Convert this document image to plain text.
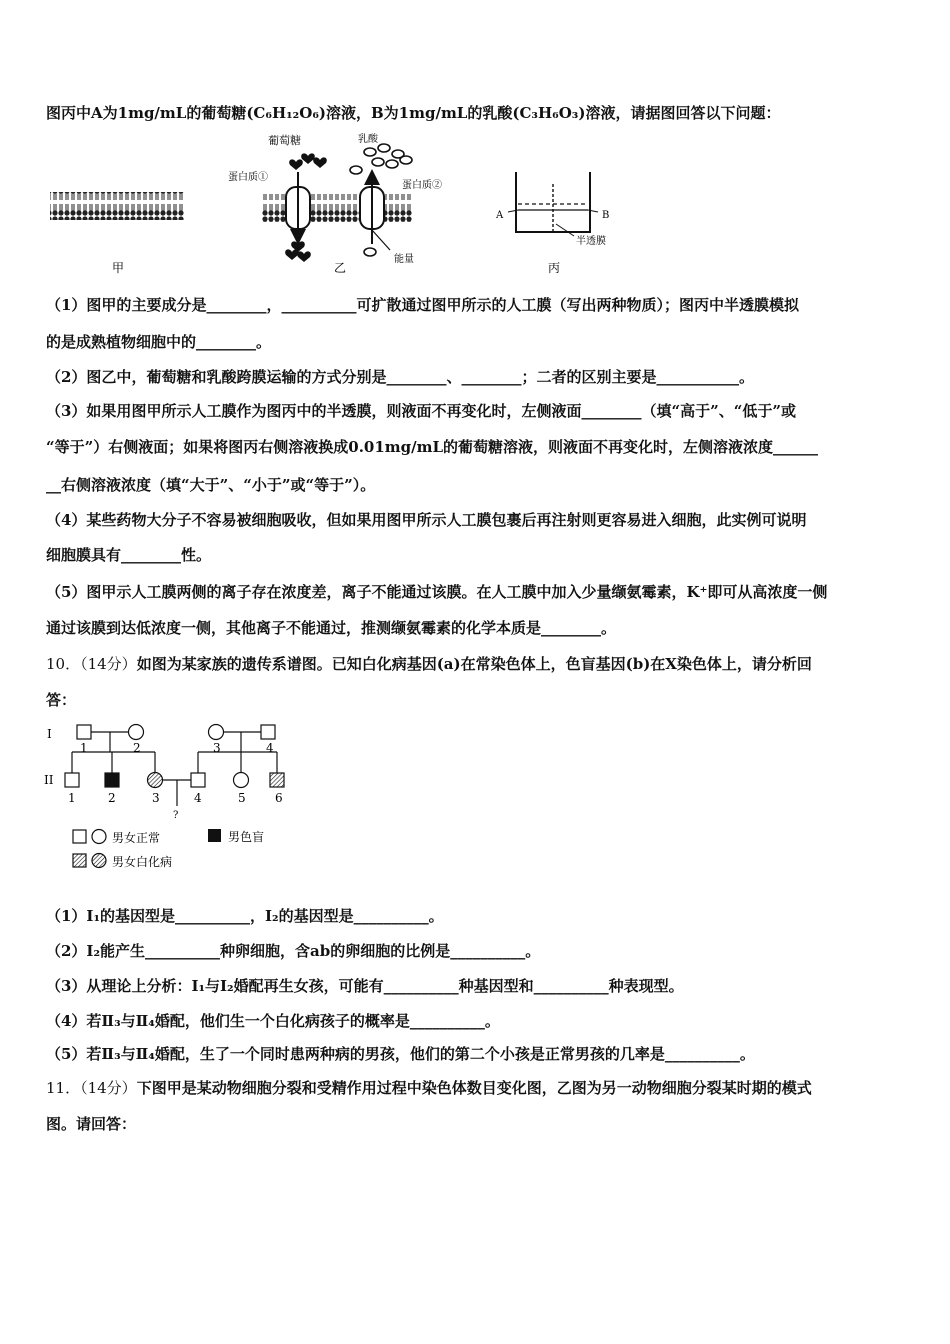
图丙中A为1mg/mL的葡萄糖(C₆H₁₂O₆)溶液，B为1mg/mL的乳酸(C₃H₆O₃)溶液，请据图回答以下问题：
甲
葡萄糖	乳酸
蛋白质①
蛋白质②
能量
乙
A	B
半透膜
丙
（1）图甲的主要成分是________，__________可扩散通过图甲所示的人工膜（写出两种物质）；图丙中半透膜模拟
的是成熟植物细胞中的________。
（2）图乙中，葡萄糖和乳酸跨膜运输的方式分别是________、________；二者的区别主要是___________。
（3）如果用图甲所示人工膜作为图丙中的半透膜，则液面不再变化时，左侧液面________（填“高于”、“低于”或
“等于”）右侧液面；如果将图丙右侧溶液换成0.01mg/mL的葡萄糖溶液，则液面不再变化时，左侧溶液浓度______
__右侧溶液浓度（填“大于”、“小于”或“等于”）。
（4）某些药物大分子不容易被细胞吸收，但如果用图甲所示人工膜包裹后再注射则更容易进入细胞，此实例可说明
细胞膜具有________性。
（5）图甲示人工膜两侧的离子存在浓度差，离子不能通过该膜。在人工膜中加入少量缬氨霉素，K⁺即可从高浓度一侧
通过该膜到达低浓度一侧，其他离子不能通过，推测缬氨霉素的化学本质是________。
10．（14分）如图为某家族的遗传系谱图。已知白化病基因(a)在常染色体上，色盲基因(b)在X染色体上，请分析回
答：
I
1	2	3	4
II
1	2	3	4	5 6
?
男女正常	男色盲
男女白化病
（1）Ⅰ₁的基因型是__________，Ⅰ₂的基因型是__________。
（2）Ⅰ₂能产生__________种卵细胞，含ab的卵细胞的比例是__________。
（3）从理论上分析：Ⅰ₁与Ⅰ₂婚配再生女孩，可能有__________种基因型和__________种表现型。
（4）若Ⅱ₃与Ⅱ₄婚配，他们生一个白化病孩子的概率是__________。
（5）若Ⅱ₃与Ⅱ₄婚配，生了一个同时患两种病的男孩，他们的第二个小孩是正常男孩的几率是__________。
11．（14分）下图甲是某动物细胞分裂和受精作用过程中染色体数目变化图，乙图为另一动物细胞分裂某时期的模式
图。请回答：
